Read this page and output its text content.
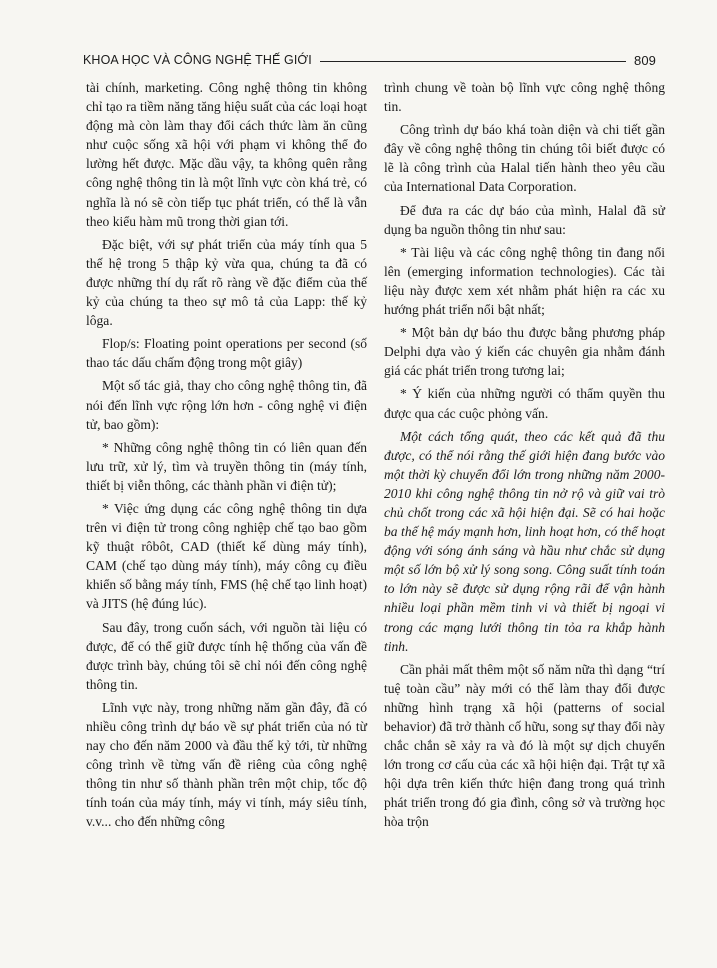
KHOA HỌC VÀ CÔNG NGHỆ THẾ GIỚI	809

tài chính, marketing. Công nghệ thông tin không chỉ tạo ra tiềm năng tăng hiệu suất của các loại hoạt động mà còn làm thay đổi cách thức làm ăn cũng như cuộc sống xã hội với phạm vi không thể đo lường hết được. Mặc dầu vậy, ta không quên rằng công nghệ thông tin là một lĩnh vực còn khá trẻ, có nghĩa là nó sẽ còn tiếp tục phát triển, có thể là vẫn theo kiểu hàm mũ trong thời gian tới.

Đặc biệt, với sự phát triển của máy tính qua 5 thế hệ trong 5 thập kỷ vừa qua, chúng ta đã có được những thí dụ rất rõ ràng về đặc điểm của thế kỷ của chúng ta theo sự mô tả của Lapp: thế kỷ lôga.

Flop/s: Floating point operations per second (số thao tác dấu chấm động trong một giây)

Một số tác giả, thay cho công nghệ thông tin, đã nói đến lĩnh vực rộng lớn hơn - công nghệ vi điện tử, bao gồm):

* Những công nghệ thông tin có liên quan đến lưu trữ, xử lý, tìm và truyền thông tin (máy tính, thiết bị viễn thông, các thành phần vi điện tử);

* Việc ứng dụng các công nghệ thông tin dựa trên vi điện tử trong công nghiệp chế tạo bao gồm kỹ thuật rôbôt, CAD (thiết kế dùng máy tính), CAM (chế tạo dùng máy tính), máy công cụ điều khiển số bằng máy tính, FMS (hệ chế tạo linh hoạt) và JITS (hệ đúng lúc).

Sau đây, trong cuốn sách, với nguồn tài liệu có được, để có thể giữ được tính hệ thống của vấn đề được trình bày, chúng tôi sẽ chỉ nói đến công nghệ thông tin.

Lĩnh vực này, trong những năm gần đây, đã có nhiều công trình dự báo về sự phát triển của nó từ nay cho đến năm 2000 và đầu thế kỷ tới, từ những công trình về từng vấn đề riêng của công nghệ thông tin như số thành phần trên một chip, tốc độ tính toán của máy tính, máy vi tính, máy siêu tính, v.v... cho đến những công

trình chung về toàn bộ lĩnh vực công nghệ thông tin.

Công trình dự báo khá toàn diện và chi tiết gần đây về công nghệ thông tin chúng tôi biết được có lẽ là công trình của Halal tiến hành theo yêu cầu của International Data Corporation.

Để đưa ra các dự báo của mình, Halal đã sử dụng ba nguồn thông tin như sau:

* Tài liệu và các công nghệ thông tin đang nổi lên (emerging information technologies). Các tài liệu này được xem xét nhằm phát hiện ra các xu hướng phát triển nổi bật nhất;

* Một bản dự báo thu được bằng phương pháp Delphi dựa vào ý kiến các chuyên gia nhằm đánh giá các phát triển trong tương lai;

* Ý kiến của những người có thẩm quyền thu được qua các cuộc phỏng vấn.

Một cách tổng quát, theo các kết quả đã thu được, có thể nói rằng thế giới hiện đang bước vào một thời kỳ chuyển đổi lớn trong những năm 2000-2010 khi công nghệ thông tin nở rộ và giữ vai trò chủ chốt trong các xã hội hiện đại. Sẽ có hai hoặc ba thế hệ máy mạnh hơn, linh hoạt hơn, có thể hoạt động với sóng ánh sáng và hầu như chắc sử dụng một số lớn bộ xử lý song song. Công suất tính toán to lớn này sẽ được sử dụng rộng rãi để vận hành nhiều loại phần mềm tinh vi và thiết bị ngoại vi trong các mạng lưới thông tin tỏa ra khắp hành tinh.

Cần phải mất thêm một số năm nữa thì dạng “trí tuệ toàn cầu” này mới có thể làm thay đổi được những hình trạng xã hội (patterns of social behavior) đã trở thành cố hữu, song sự thay đổi này chắc chắn sẽ xảy ra và đó là một sự dịch chuyển lớn trong cơ cấu của các xã hội hiện đại. Trật tự xã hội dựa trên kiến thức hiện đang trong quá trình phát triển trong đó gia đình, công sở và trường học hòa trộn
